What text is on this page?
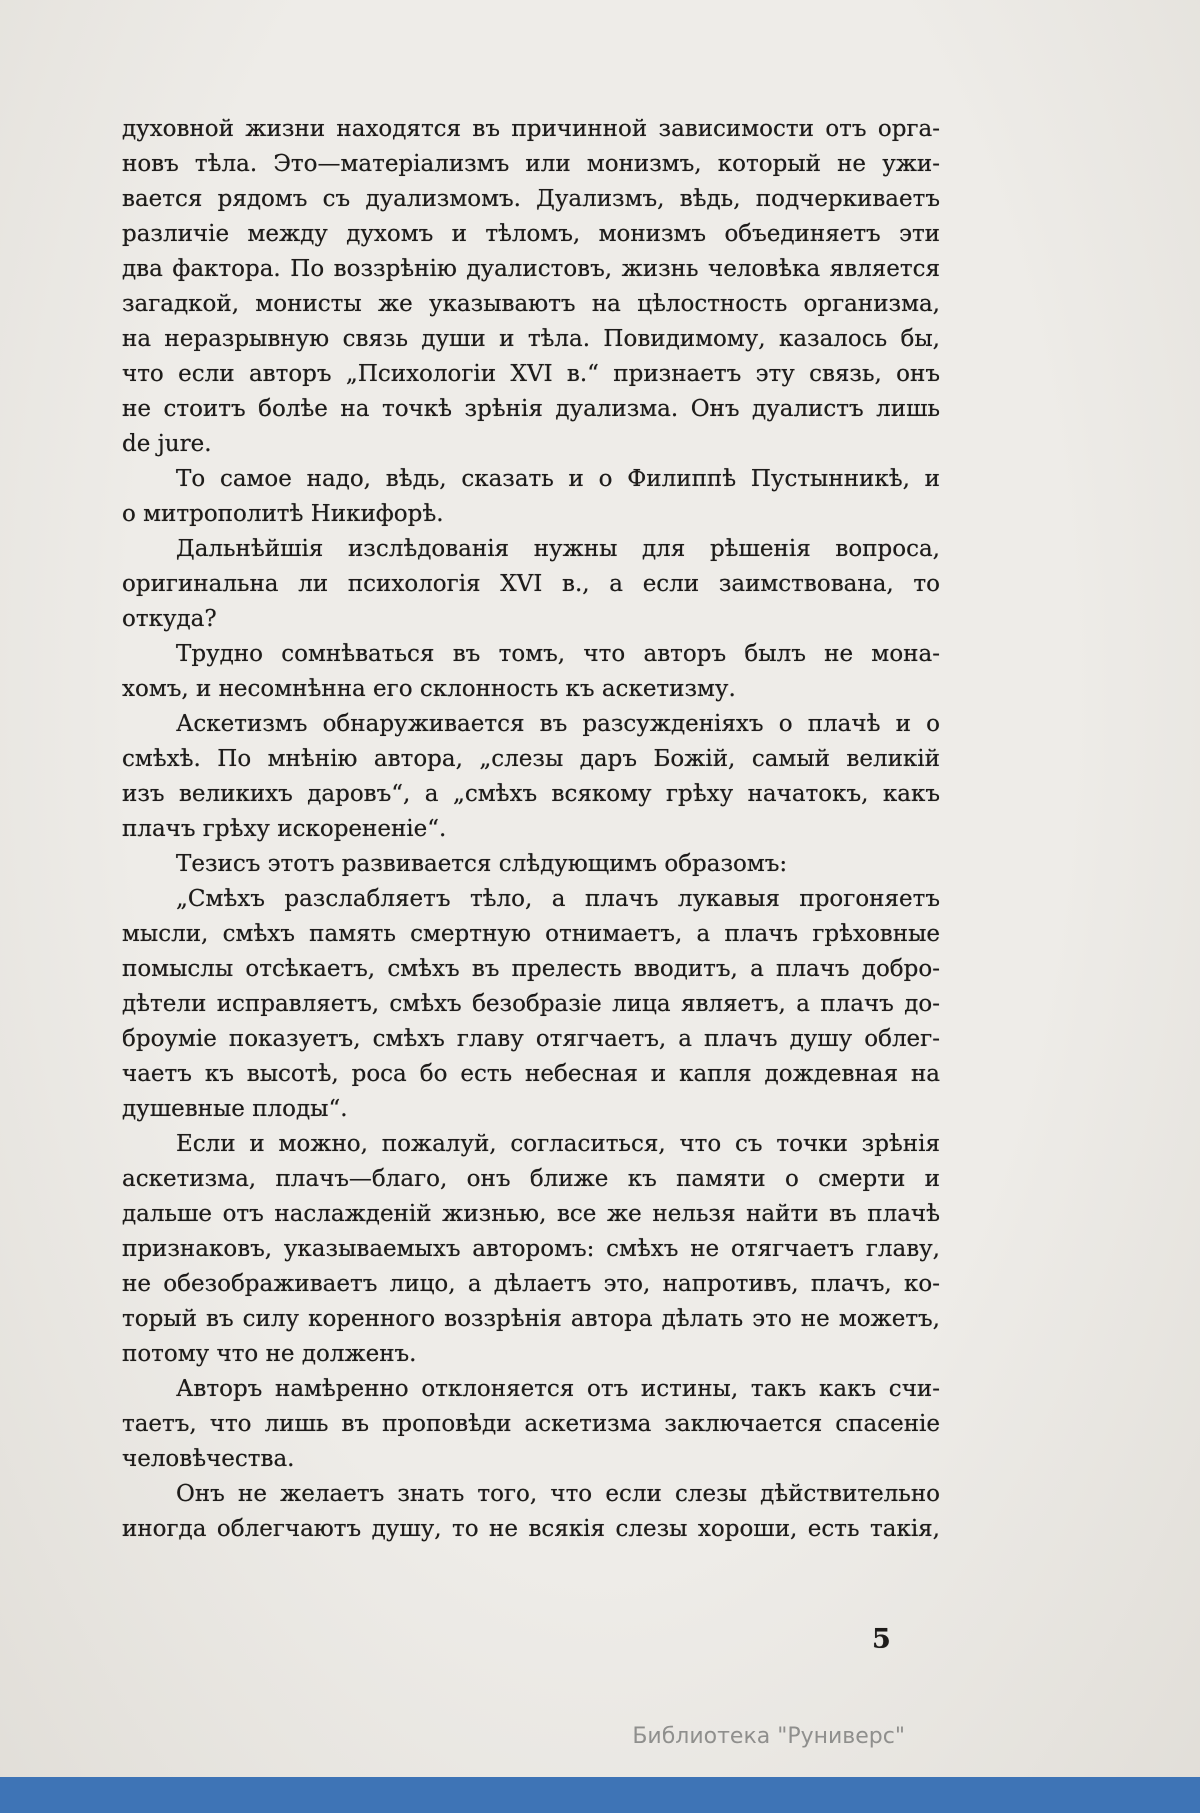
духовной жизни находятся въ причинной зависимости отъ орга-
новъ тѣла. Это—матеріализмъ или монизмъ, который не ужи-
вается рядомъ съ дуализмомъ. Дуализмъ, вѣдь, подчеркиваетъ
различіе между духомъ и тѣломъ, монизмъ объединяетъ эти
два фактора. По воззрѣнію дуалистовъ, жизнь человѣка является
загадкой, монисты же указываютъ на цѣлостность организма,
на неразрывную связь души и тѣла. Повидимому, казалось бы,
что если авторъ „Психологіи XVI в.“ признаетъ эту связь, онъ
не стоитъ болѣе на точкѣ зрѣнія дуализма. Онъ дуалистъ лишь
de jure.

То самое надо, вѣдь, сказать и о Филиппѣ Пустынникѣ, и
о митрополитѣ Никифорѣ.

Дальнѣйшія изслѣдованія нужны для рѣшенія вопроса,
оригинальна ли психологія XVI в., а если заимствована, то
откуда?

Трудно сомнѣваться въ томъ, что авторъ былъ не мона-
хомъ, и несомнѣнна его склонность къ аскетизму.

Аскетизмъ обнаруживается въ разсужденіяхъ о плачѣ и о
смѣхѣ. По мнѣнію автора, „слезы даръ Божій, самый великій
изъ великихъ даровъ“, а „смѣхъ всякому грѣху начатокъ, какъ
плачъ грѣху искорененіе“.

Тезисъ этотъ развивается слѣдующимъ образомъ:

„Смѣхъ разслабляетъ тѣло, а плачъ лукавыя прогоняетъ
мысли, смѣхъ память смертную отнимаетъ, а плачъ грѣховные
помыслы отсѣкаетъ, смѣхъ въ прелесть вводитъ, а плачъ добро-
дѣтели исправляетъ, смѣхъ безобразіе лица являетъ, а плачъ до-
броуміе показуетъ, смѣхъ главу отягчаетъ, а плачъ душу облег-
чаетъ къ высотѣ, роса бо есть небесная и капля дождевная на
душевные плоды“.

Если и можно, пожалуй, согласиться, что съ точки зрѣнія
аскетизма, плачъ—благо, онъ ближе къ памяти о смерти и
дальше отъ наслажденій жизнью, все же нельзя найти въ плачѣ
признаковъ, указываемыхъ авторомъ: смѣхъ не отягчаетъ главу,
не обезображиваетъ лицо, а дѣлаетъ это, напротивъ, плачъ, ко-
торый въ силу коренного воззрѣнія автора дѣлать это не можетъ,
потому что не долженъ.

Авторъ намѣренно отклоняется отъ истины, такъ какъ счи-
таетъ, что лишь въ проповѣди аскетизма заключается спасеніе
человѣчества.

Онъ не желаетъ знать того, что если слезы дѣйствительно
иногда облегчаютъ душу, то не всякія слезы хороши, есть такія,

5
Библиотека "Руниверс"
